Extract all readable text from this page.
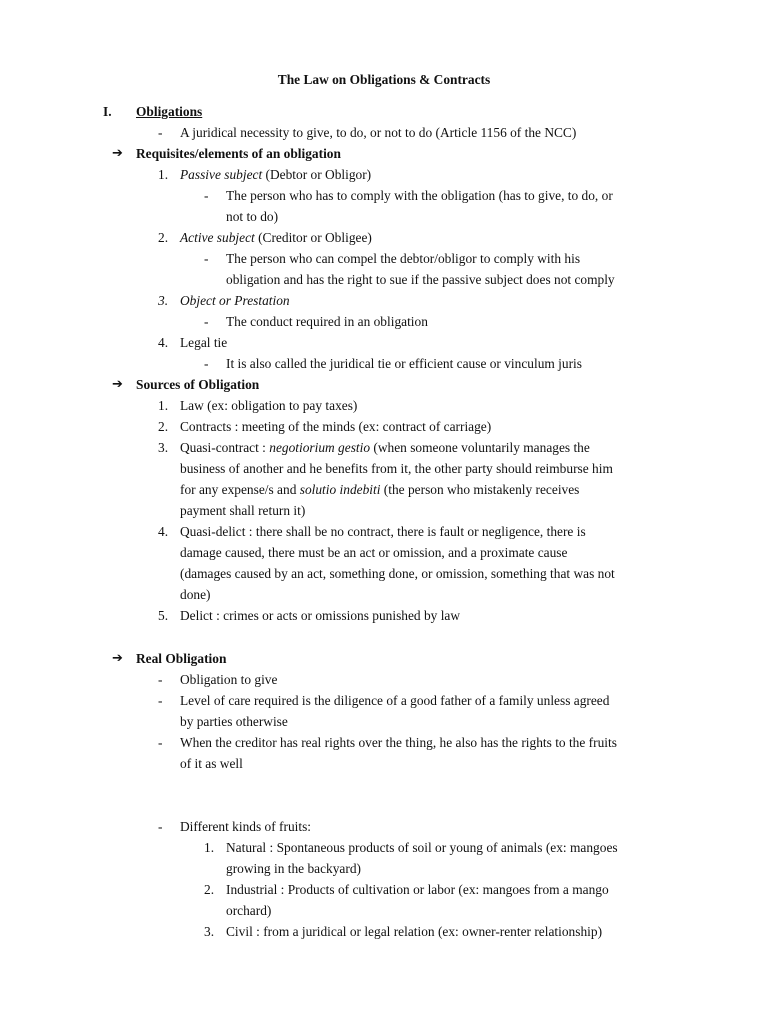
The Law on Obligations & Contracts
I. Obligations
- A juridical necessity to give, to do, or not to do (Article 1156 of the NCC)
➔ Requisites/elements of an obligation
1. Passive subject (Debtor or Obligor)
- The person who has to comply with the obligation (has to give, to do, or
not to do)
2. Active subject (Creditor or Obligee)
- The person who can compel the debtor/obligor to comply with his
obligation and has the right to sue if the passive subject does not comply
3. Object or Prestation
- The conduct required in an obligation
4. Legal tie
- It is also called the juridical tie or efficient cause or vinculum juris
➔ Sources of Obligation
1. Law (ex: obligation to pay taxes)
2. Contracts : meeting of the minds (ex: contract of carriage)
3. Quasi-contract : negotiorium gestio (when someone voluntarily manages the
business of another and he benefits from it, the other party should reimburse him
for any expense/s and solutio indebiti (the person who mistakenly receives
payment shall return it)
4. Quasi-delict : there shall be no contract, there is fault or negligence, there is
damage caused, there must be an act or omission, and a proximate cause
(damages caused by an act, something done, or omission, something that was not
done)
5. Delict : crimes or acts or omissions punished by law
➔ Real Obligation
- Obligation to give
- Level of care required is the diligence of a good father of a family unless agreed
by parties otherwise
- When the creditor has real rights over the thing, he also has the rights to the fruits
of it as well
- Different kinds of fruits:
1. Natural : Spontaneous products of soil or young of animals (ex: mangoes
growing in the backyard)
2. Industrial : Products of cultivation or labor (ex: mangoes from a mango
orchard)
3. Civil : from a juridical or legal relation (ex: owner-renter relationship)
